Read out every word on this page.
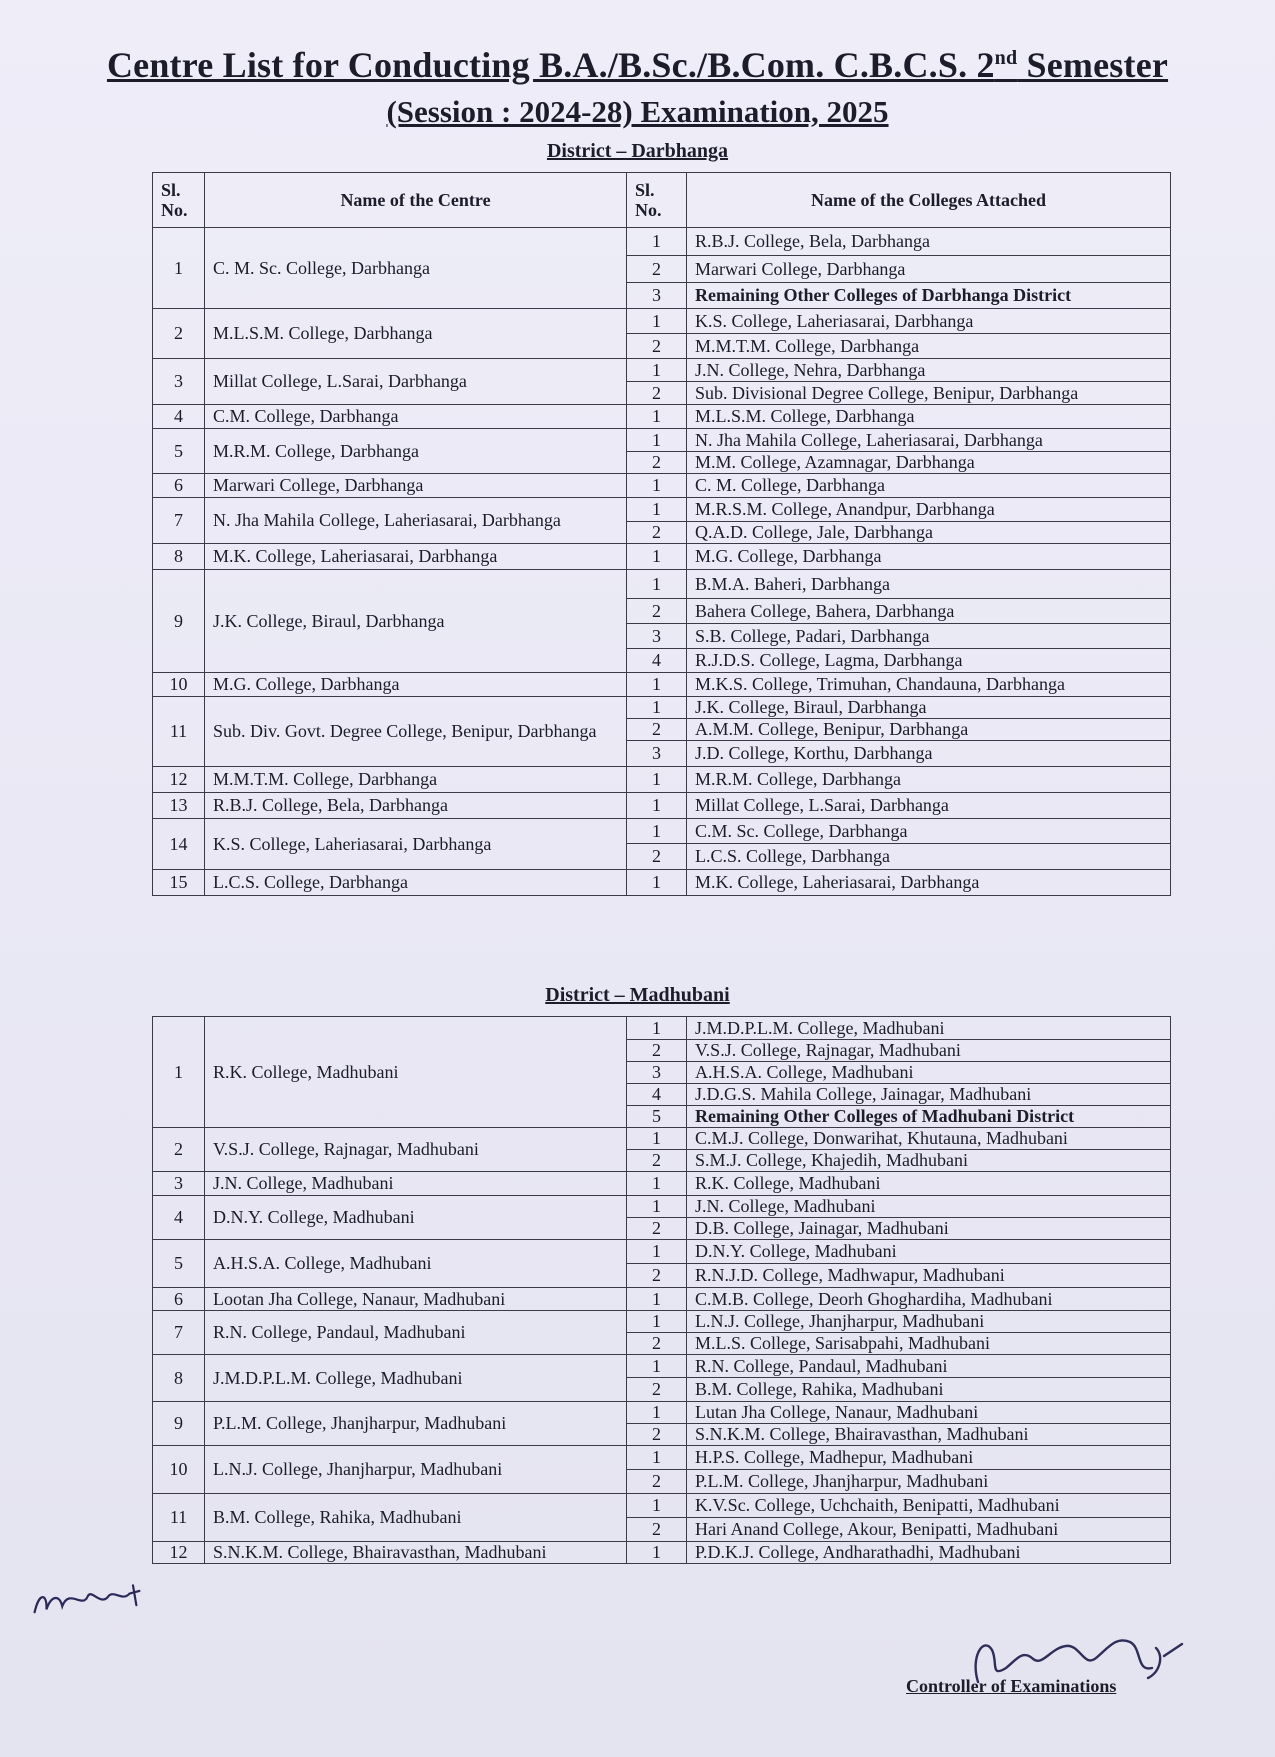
Centre List for Conducting B.A./B.Sc./B.Com. C.B.C.S. 2nd Semester
(Session : 2024-28) Examination, 2025
District – Darbhanga
Sl. No.	Name of the Centre	Sl. No.	Name of the Colleges Attached
1	C. M. Sc. College, Darbhanga	1	R.B.J. College, Bela, Darbhanga
		2	Marwari College, Darbhanga
		3	Remaining Other Colleges of Darbhanga District
2	M.L.S.M. College, Darbhanga	1	K.S. College, Laheriasarai, Darbhanga
		2	M.M.T.M. College, Darbhanga
3	Millat College, L.Sarai, Darbhanga	1	J.N. College, Nehra, Darbhanga
		2	Sub. Divisional Degree College, Benipur, Darbhanga
4	C.M. College, Darbhanga	1	M.L.S.M. College, Darbhanga
5	M.R.M. College, Darbhanga	1	N. Jha Mahila College, Laheriasarai, Darbhanga
		2	M.M. College, Azamnagar, Darbhanga
6	Marwari College, Darbhanga	1	C. M. College, Darbhanga
7	N. Jha Mahila College, Laheriasarai, Darbhanga	1	M.R.S.M. College, Anandpur, Darbhanga
		2	Q.A.D. College, Jale, Darbhanga
8	M.K. College, Laheriasarai, Darbhanga	1	M.G. College, Darbhanga
9	J.K. College, Biraul, Darbhanga	1	B.M.A. Baheri, Darbhanga
		2	Bahera College, Bahera, Darbhanga
		3	S.B. College, Padari, Darbhanga
		4	R.J.D.S. College, Lagma, Darbhanga
10	M.G. College, Darbhanga	1	M.K.S. College, Trimuhan, Chandauna, Darbhanga
11	Sub. Div. Govt. Degree College, Benipur, Darbhanga	1	J.K. College, Biraul, Darbhanga
		2	A.M.M. College, Benipur, Darbhanga
		3	J.D. College, Korthu, Darbhanga
12	M.M.T.M. College, Darbhanga	1	M.R.M. College, Darbhanga
13	R.B.J. College, Bela, Darbhanga	1	Millat College, L.Sarai, Darbhanga
14	K.S. College, Laheriasarai, Darbhanga	1	C.M. Sc. College, Darbhanga
		2	L.C.S. College, Darbhanga
15	L.C.S. College, Darbhanga	1	M.K. College, Laheriasarai, Darbhanga
District – Madhubani
1	R.K. College, Madhubani	1	J.M.D.P.L.M. College, Madhubani
		2	V.S.J. College, Rajnagar, Madhubani
		3	A.H.S.A. College, Madhubani
		4	J.D.G.S. Mahila College, Jainagar, Madhubani
		5	Remaining Other Colleges of Madhubani District
2	V.S.J. College, Rajnagar, Madhubani	1	C.M.J. College, Donwarihat, Khutauna, Madhubani
		2	S.M.J. College, Khajedih, Madhubani
3	J.N. College, Madhubani	1	R.K. College, Madhubani
4	D.N.Y. College, Madhubani	1	J.N. College, Madhubani
		2	D.B. College, Jainagar, Madhubani
5	A.H.S.A. College, Madhubani	1	D.N.Y. College, Madhubani
		2	R.N.J.D. College, Madhwapur, Madhubani
6	Lootan Jha College, Nanaur, Madhubani	1	C.M.B. College, Deorh Ghoghardiha, Madhubani
7	R.N. College, Pandaul, Madhubani	1	L.N.J. College, Jhanjharpur, Madhubani
		2	M.L.S. College, Sarisabpahi, Madhubani
8	J.M.D.P.L.M. College, Madhubani	1	R.N. College, Pandaul, Madhubani
		2	B.M. College, Rahika, Madhubani
9	P.L.M. College, Jhanjharpur, Madhubani	1	Lutan Jha College, Nanaur, Madhubani
		2	S.N.K.M. College, Bhairavasthan, Madhubani
10	L.N.J. College, Jhanjharpur, Madhubani	1	H.P.S. College, Madhepur, Madhubani
		2	P.L.M. College, Jhanjharpur, Madhubani
11	B.M. College, Rahika, Madhubani	1	K.V.Sc. College, Uchchaith, Benipatti, Madhubani
		2	Hari Anand College, Akour, Benipatti, Madhubani
12	S.N.K.M. College, Bhairavasthan, Madhubani	1	P.D.K.J. College, Andharathadhi, Madhubani
Controller of Examinations
